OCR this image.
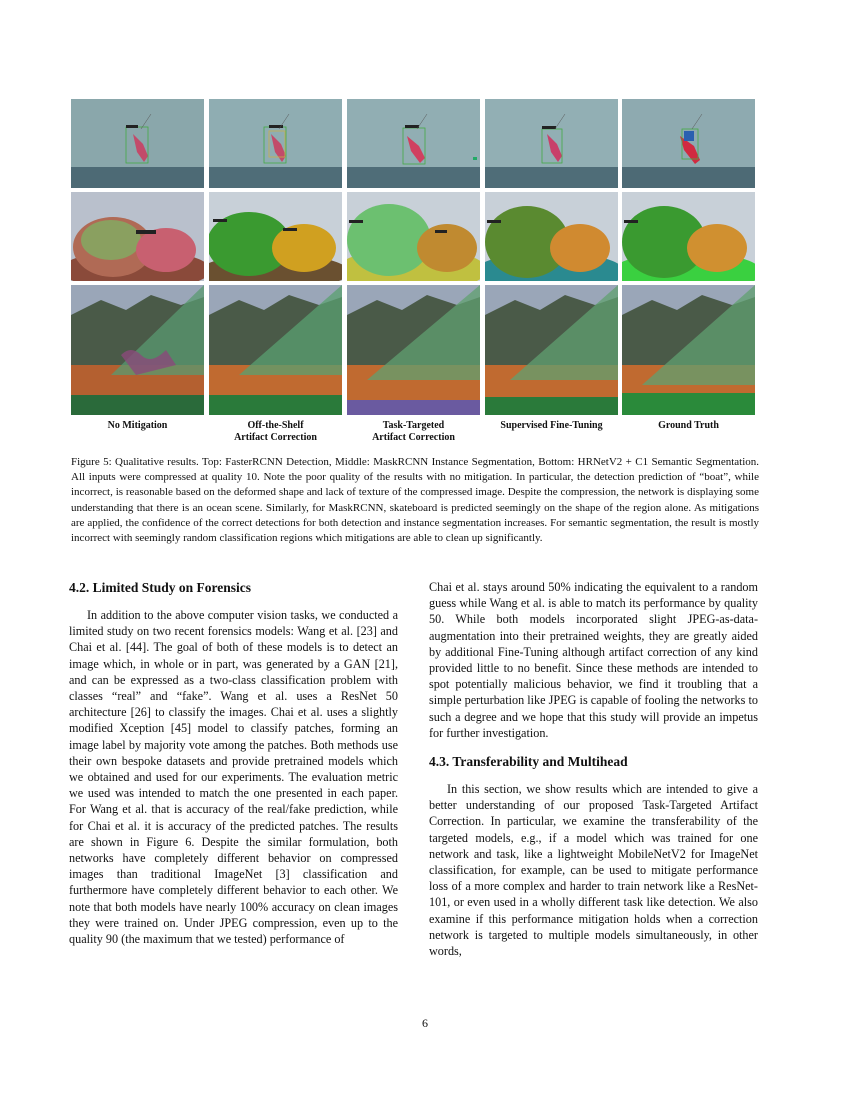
No Mitigation	Off-the-Shelf
Artifact Correction
Task-Targeted
Artifact Correction
Supervised Fine-Tuning	Ground Truth
Figure 5: Qualitative results. Top: FasterRCNN Detection, Middle: MaskRCNN Instance Segmentation, Bottom: HRNetV2 + C1 Semantic Segmentation. All inputs were compressed at quality 10. Note the poor quality of the results with no mitigation. In particular, the detection prediction of “boat”, while incorrect, is reasonable based on the deformed shape and lack of texture of the compressed image. Despite the compression, the network is displaying some understanding that there is an ocean scene. Similarly, for MaskRCNN, skateboard is predicted seemingly on the shape of the region alone. As mitigations are applied, the confidence of the correct detections for both detection and instance segmentation increases. For semantic segmentation, the result is mostly incorrect with seemingly random classification regions which mitigations are able to clean up significantly.
4.2. Limited Study on Forensics

In addition to the above computer vision tasks, we conducted a limited study on two recent forensics models: Wang et al. [23] and Chai et al. [44]. The goal of both of these models is to detect an image which, in whole or in part, was generated by a GAN [21], and can be expressed as a two-class classification problem with classes “real” and “fake”. Wang et al. uses a ResNet 50 architecture [26] to classify the images. Chai et al. uses a slightly modified Xception [45] model to classify patches, forming an image label by majority vote among the patches. Both methods use their own bespoke datasets and provide pretrained models which we obtained and used for our experiments. The evaluation metric we used was intended to match the one presented in each paper. For Wang et al. that is accuracy of the real/fake prediction, while for Chai et al. it is accuracy of the predicted patches. The results are shown in Figure 6. Despite the similar formulation, both networks have completely different behavior on compressed images than traditional ImageNet [3] classification and furthermore have completely different behavior to each other. We note that both models have nearly 100% accuracy on clean images they were trained on. Under JPEG compression, even up to the quality 90 (the maximum that we tested) performance of

Chai et al. stays around 50% indicating the equivalent to a random guess while Wang et al. is able to match its performance by quality 50. While both models incorporated slight JPEG-as-data-augmentation into their pretrained weights, they are greatly aided by additional Fine-Tuning although artifact correction of any kind provided little to no benefit. Since these methods are intended to spot potentially malicious behavior, we find it troubling that a simple perturbation like JPEG is capable of fooling the networks to such a degree and we hope that this study will provide an impetus for further investigation.

4.3. Transferability and Multihead

In this section, we show results which are intended to give a better understanding of our proposed Task-Targeted Artifact Correction. In particular, we examine the transferability of the targeted models, e.g., if a model which was trained for one network and task, like a lightweight MobileNetV2 for ImageNet classification, for example, can be used to mitigate performance loss of a more complex and harder to train network like a ResNet-101, or even used in a wholly different task like detection. We also examine if this performance mitigation holds when a correction network is targeted to multiple models simultaneously, in other words,

6
